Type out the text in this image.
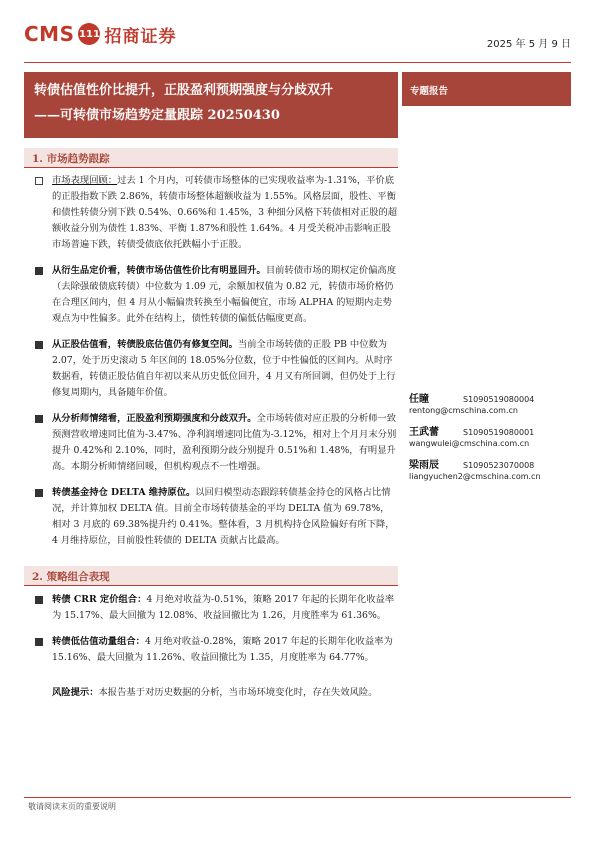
CMS 111 招商证券	2025 年 5 月 9 日
转债估值性价比提升，正股盈利预期强度与分歧双升
——可转债市场趋势定量跟踪 20250430
专题报告
1. 市场趋势跟踪
市场表现回顾：过去 1 个月内，可转债市场整体的已实现收益率为-1.31%，平价底的正股指数下跌 2.86%，转债市场整体超额收益为 1.55%。风格层面，股性、平衡和债性转债分别下跌 0.54%、0.66%和 1.45%，3 种细分风格下转债相对正股的超额收益分别为债性 1.83%、平衡 1.87%和股性 1.64%。4 月受关税冲击影响正股市场普遍下跌，转债受债底依托跌幅小于正股。
从衍生品定价看，转债市场估值性价比有明显回升。目前转债市场的期权定价偏高度（去除强破债底转债）中位数为 1.09 元，余额加权值为 0.82 元，转债市场价格仍在合理区间内，但 4 月从小幅偏贵转换至小幅偏便宜，市场 ALPHA 的短期内走势观点为中性偏多。此外在结构上，债性转债的偏低估幅度更高。
从正股估值看，转债股底估值仍有修复空间。当前全市场转债的正股 PB 中位数为 2.07，处于历史滚动 5 年区间的 18.05%分位数，位于中性偏低的区间内。从时序数据看，转债正股估值自年初以来从历史低位回升，4 月又有所回调，但仍处于上行修复周期内，具备随年价值。
从分析师情绪看，正股盈利预期强度和分歧双升。全市场转债对应正股的分析师一致预测营收增速同比值为-3.47%、净利润增速同比值为-3.12%，相对上个月月末分别提升 0.42%和 2.10%，同时，盈利预期分歧分别提升 0.51%和 1.48%，有明显升高。本期分析师情绪回暖，但机构观点不一性增强。
转债基金持仓 DELTA 维持原位。以回归模型动态跟踪转债基金持仓的风格占比情况，并计算加权 DELTA 值。目前全市场转债基金的平均 DELTA 值为 69.78%，相对 3 月底的 69.38%提升约 0.41%。整体看，3 月机构持仓风险偏好有所下降，4 月维持原位，目前股性转债的 DELTA 贡献占比最高。
2. 策略组合表现
转债 CRR 定价组合：4 月绝对收益为-0.51%，策略 2017 年起的长期年化收益率为 15.17%、最大回撤为 12.08%、收益回撤比为 1.26，月度胜率为 61.36%。
转债低估值动量组合：4 月绝对收益-0.28%，策略 2017 年起的长期年化收益率为 15.16%、最大回撤为 11.26%、收益回撤比为 1.35，月度胜率为 64.77%。
风险提示：本报告基于对历史数据的分析，当市场环境变化时，存在失效风险。
任瞳	S1090519080004
rentong@cmschina.com.cn
王武蕾	S1090519080001
wangwulei@cmschina.com.cn
梁雨辰	S1090523070008
liangyuchen2@cmschina.com.cn
敬请阅读末页的重要说明
